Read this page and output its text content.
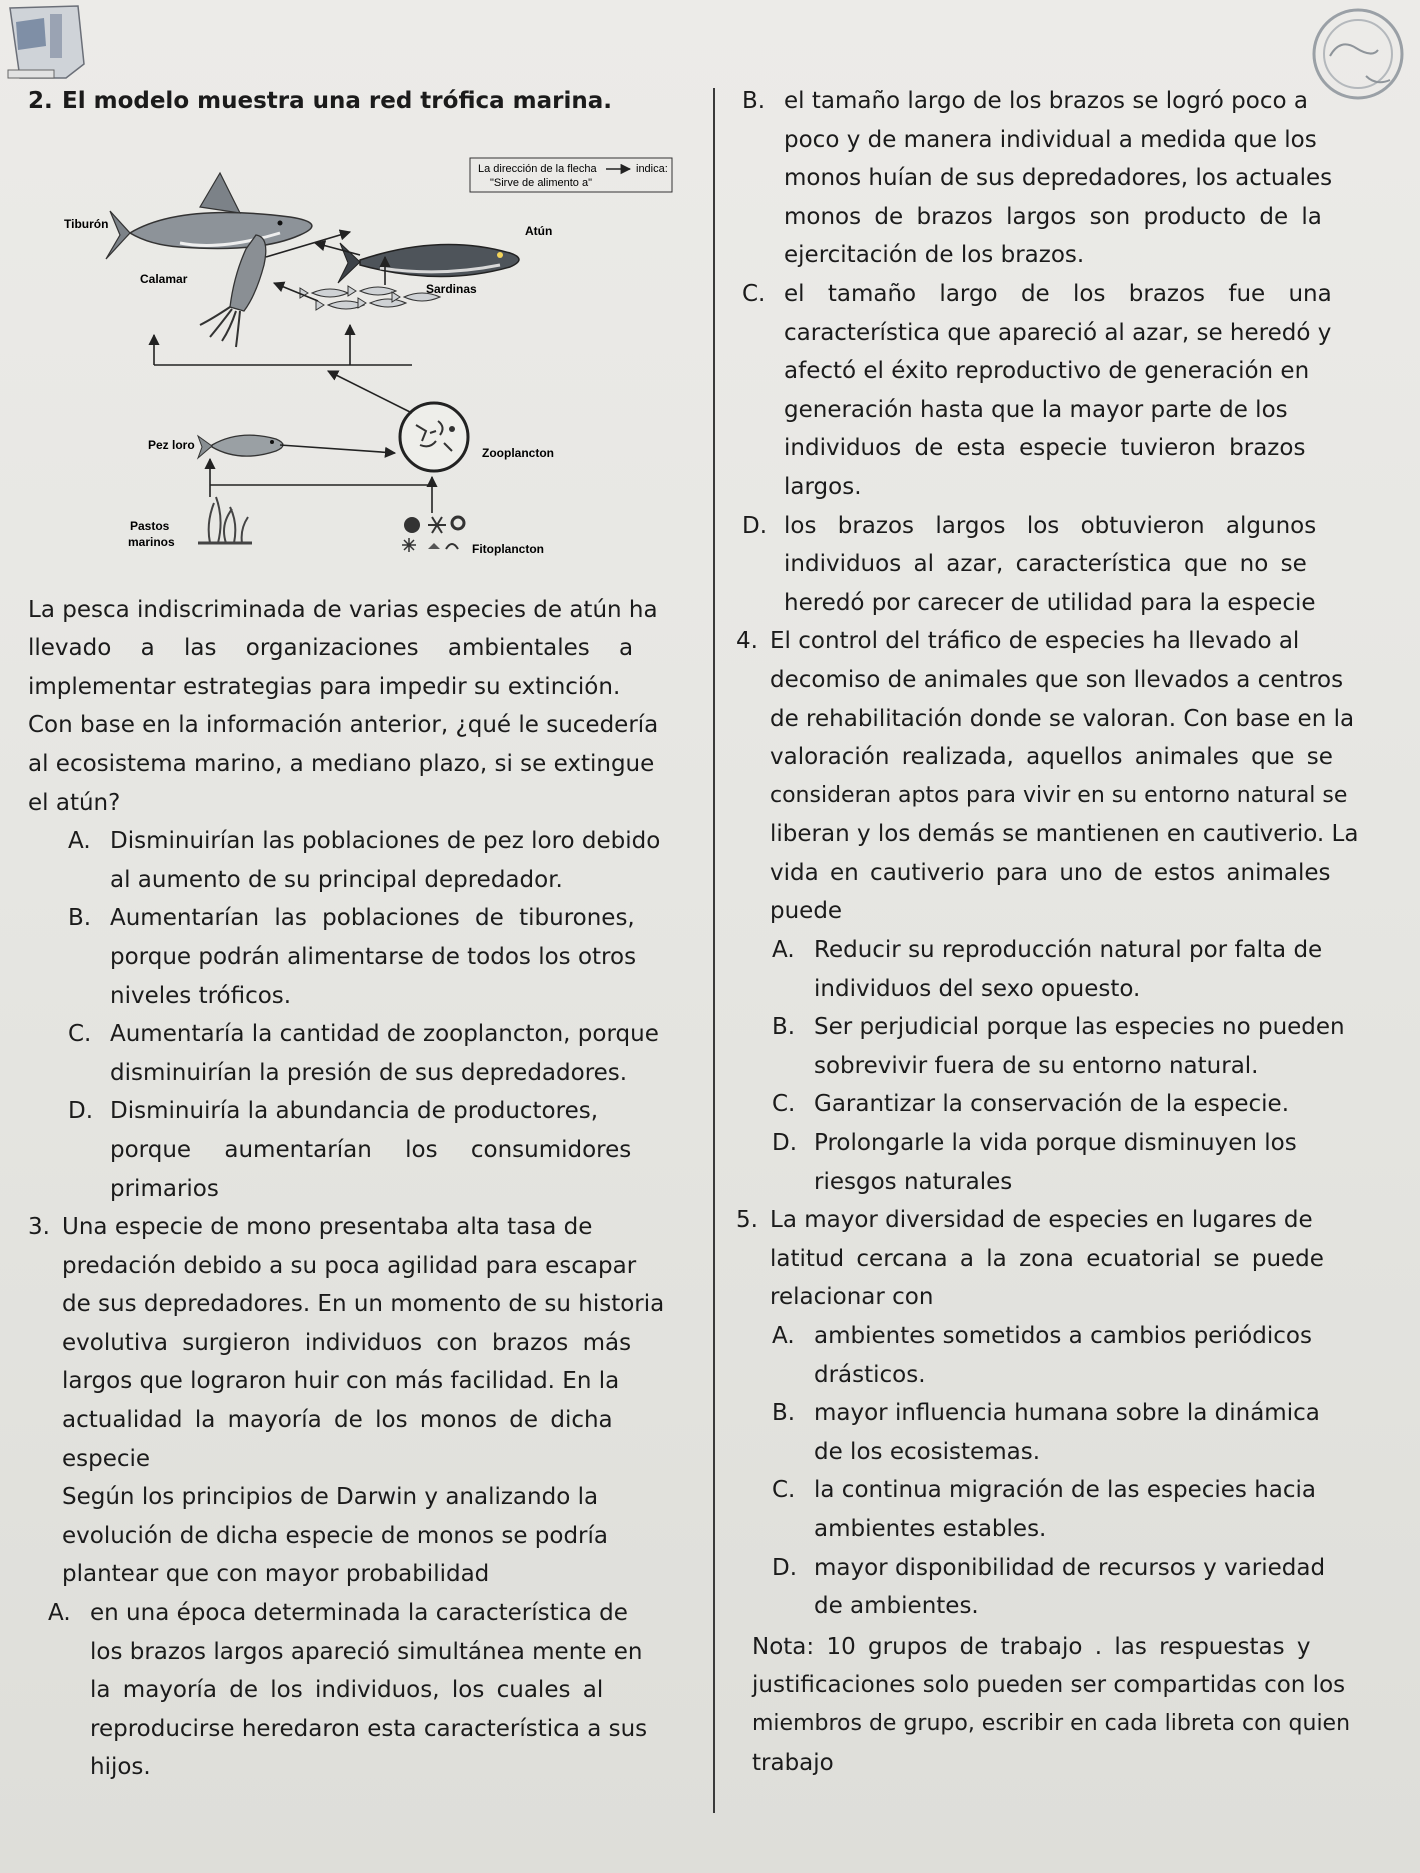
2. El modelo muestra una red trófica marina.
La pesca indiscriminada de varias especies de atún ha
llevado a las organizaciones ambientales a
implementar estrategias para impedir su extinción.
Con base en la información anterior, ¿qué le sucedería
al ecosistema marino, a mediano plazo, si se extingue
el atún?
A. Disminuirían las poblaciones de pez loro debido
al aumento de su principal depredador.
B. Aumentarían las poblaciones de tiburones,
porque podrán alimentarse de todos los otros
niveles tróficos.
C. Aumentaría la cantidad de zooplancton, porque
disminuirían la presión de sus depredadores.
D. Disminuiría la abundancia de productores,
porque aumentarían los consumidores
primarios
3. Una especie de mono presentaba alta tasa de
predación debido a su poca agilidad para escapar
de sus depredadores. En un momento de su historia
evolutiva surgieron individuos con brazos más
largos que lograron huir con más facilidad. En la
actualidad la mayoría de los monos de dicha
especie
Según los principios de Darwin y analizando la
evolución de dicha especie de monos se podría
plantear que con mayor probabilidad
A. en una época determinada la característica de
los brazos largos apareció simultánea mente en
la mayoría de los individuos, los cuales al
reproducirse heredaron esta característica a sus
hijos.
La dirección de la flecha	indica:
"Sirve de alimento a"
Tiburón	Atún
Calamar
Sardinas
Pez loro
Zooplancton
Pastos
marinos	Fitoplancton
B. el tamaño largo de los brazos se logró poco a
poco y de manera individual a medida que los
monos huían de sus depredadores, los actuales
monos de brazos largos son producto de la
ejercitación de los brazos.
C. el tamaño largo de los brazos fue una
característica que apareció al azar, se heredó y
afectó el éxito reproductivo de generación en
generación hasta que la mayor parte de los
individuos de esta especie tuvieron brazos
largos.
D. los brazos largos los obtuvieron algunos
individuos al azar, característica que no se
heredó por carecer de utilidad para la especie
4. El control del tráfico de especies ha llevado al
decomiso de animales que son llevados a centros
de rehabilitación donde se valoran. Con base en la
valoración realizada, aquellos animales que se
consideran aptos para vivir en su entorno natural se
liberan y los demás se mantienen en cautiverio. La
vida en cautiverio para uno de estos animales
puede
A. Reducir su reproducción natural por falta de
individuos del sexo opuesto.
B. Ser perjudicial porque las especies no pueden
sobrevivir fuera de su entorno natural.
C. Garantizar la conservación de la especie.
D. Prolongarle la vida porque disminuyen los
riesgos naturales
5. La mayor diversidad de especies en lugares de
latitud cercana a la zona ecuatorial se puede
relacionar con
A. ambientes sometidos a cambios periódicos
drásticos.
B. mayor influencia humana sobre la dinámica
de los ecosistemas.
C. la continua migración de las especies hacia
ambientes estables.
D. mayor disponibilidad de recursos y variedad
de ambientes.
Nota: 10 grupos de trabajo . las respuestas y
justificaciones solo pueden ser compartidas con los
miembros de grupo, escribir en cada libreta con quien
trabajo
